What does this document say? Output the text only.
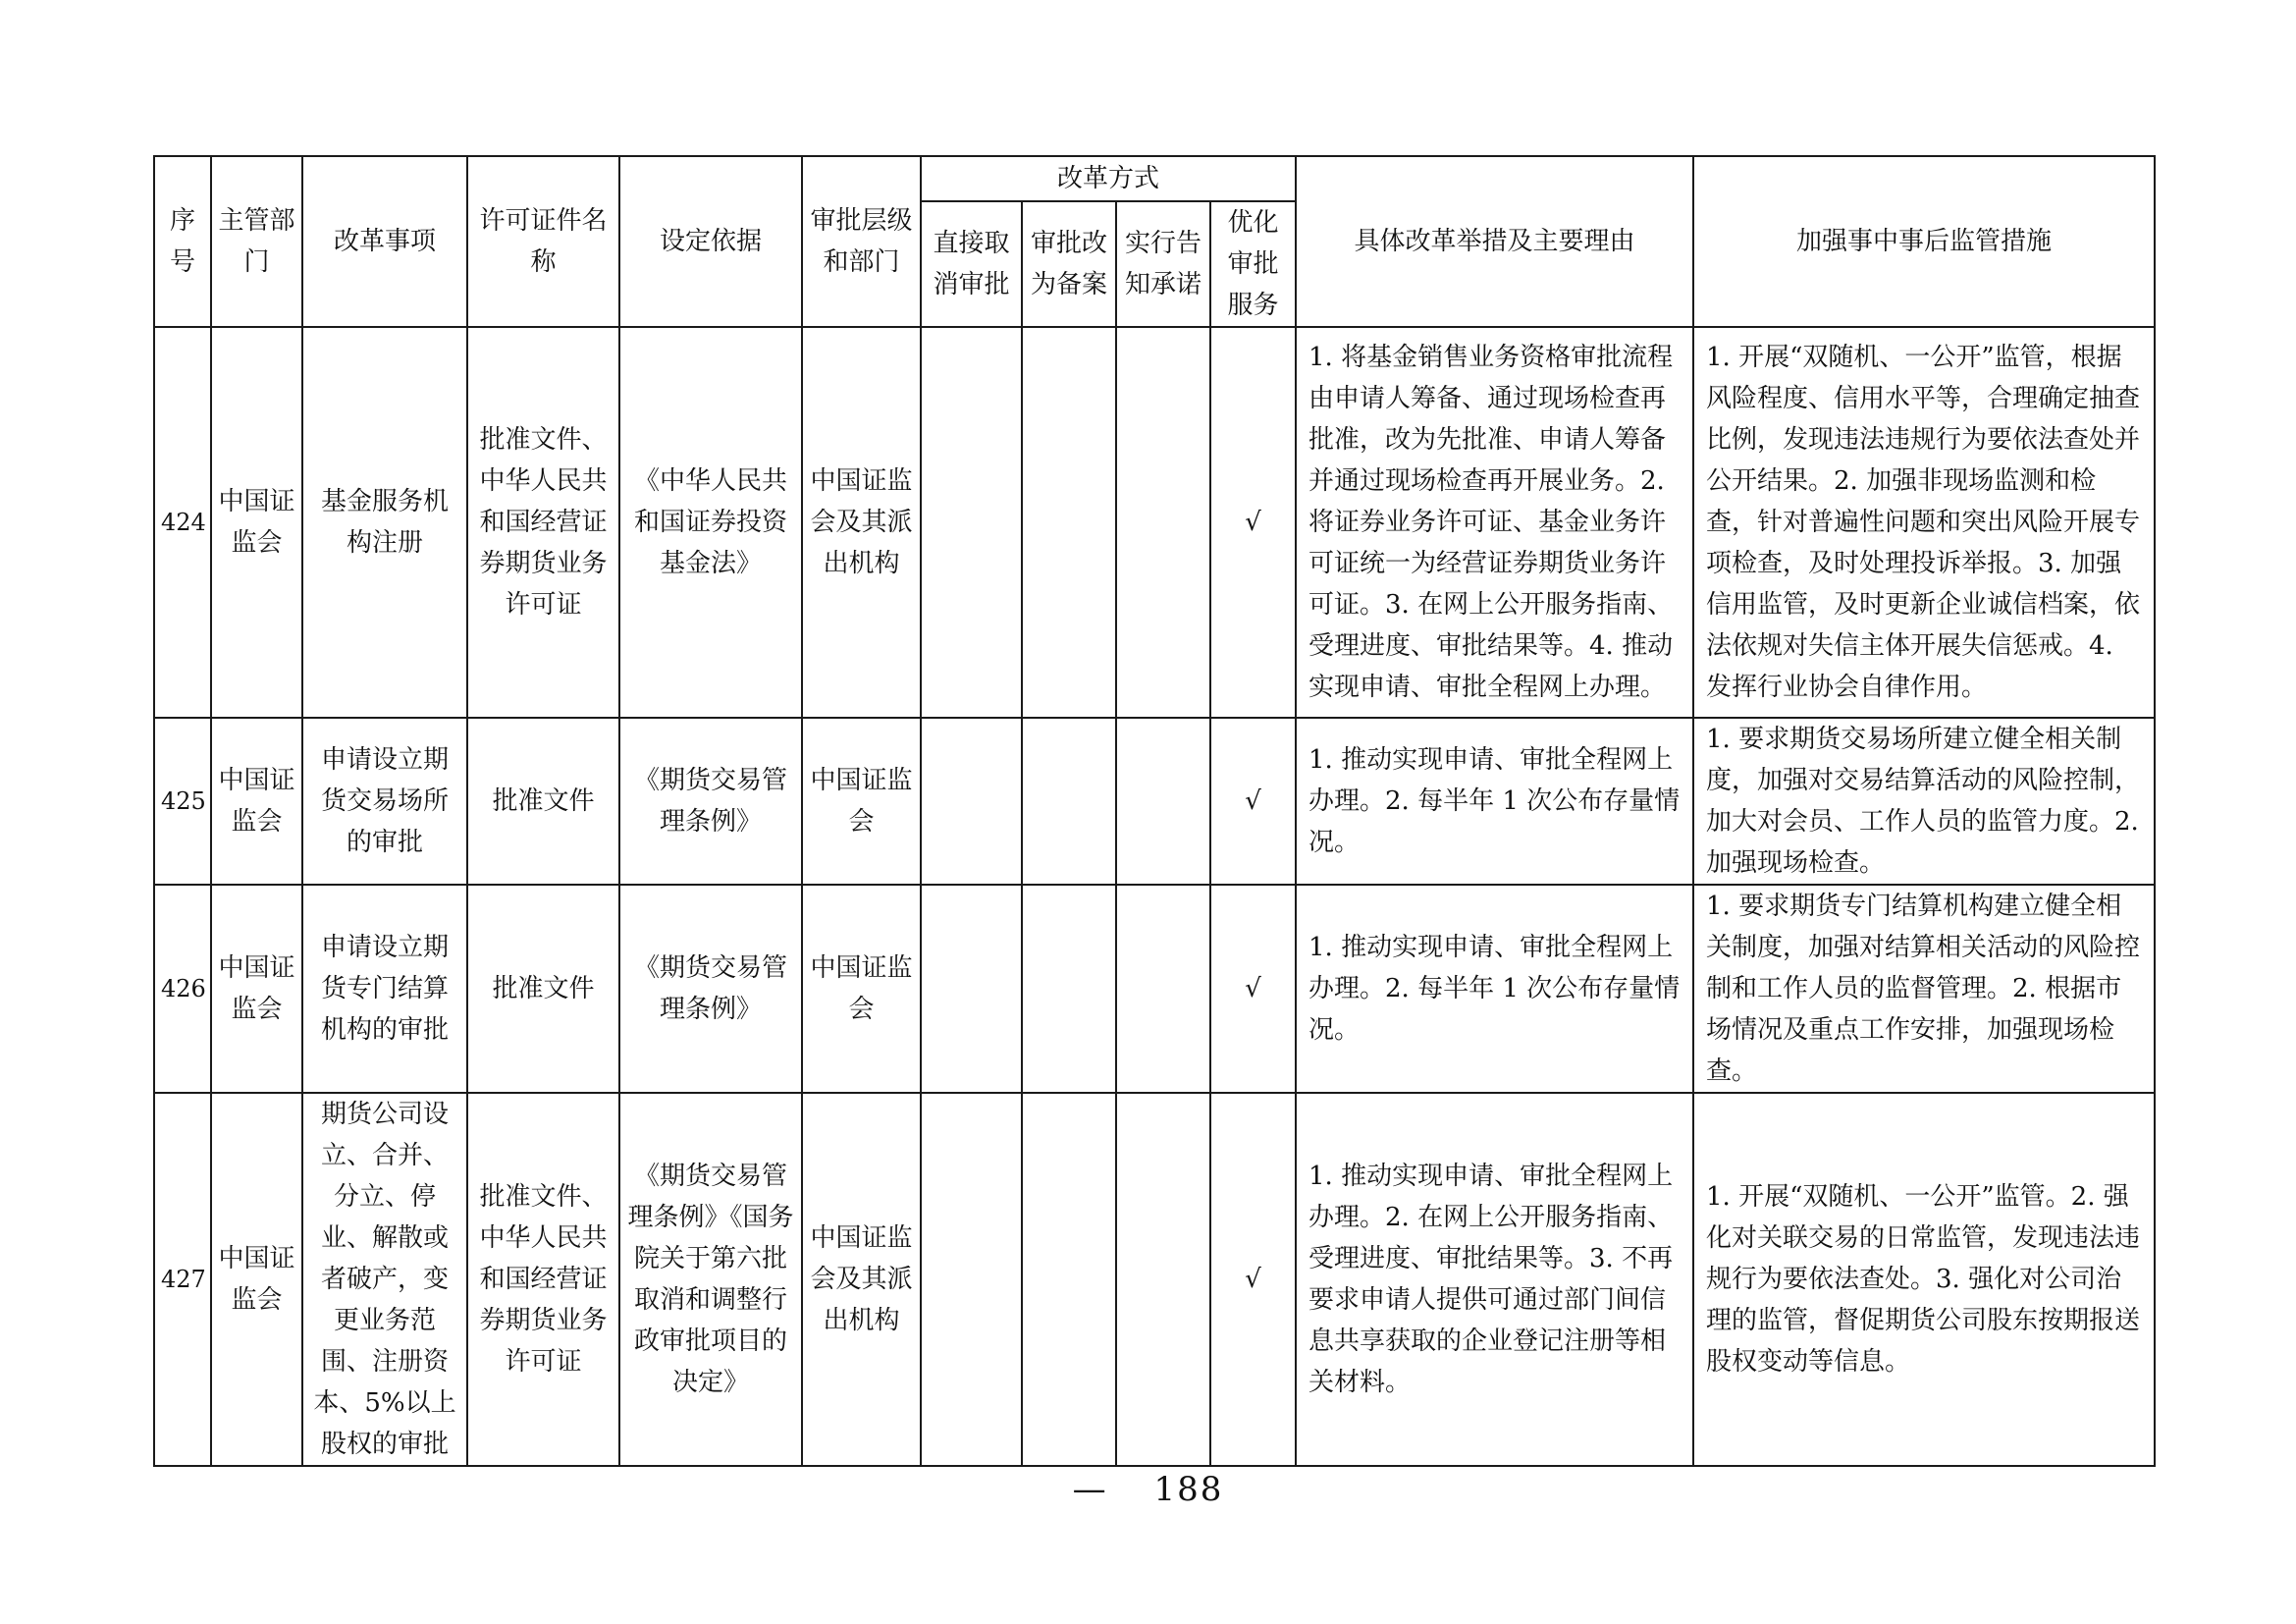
序号	主管部门	改革事项	许可证件名称	设定依据	审批层级和部门	改革方式				具体改革举措及主要理由	加强事中事后监管措施
						直接取消审批	审批改为备案	实行告知承诺	优化审批服务		
424	中国证监会	基金服务机构注册	批准文件、中华人民共和国经营证券期货业务许可证	《中华人民共和国证券投资基金法》	中国证监会及其派出机构				√	1. 将基金销售业务资格审批流程由申请人筹备、通过现场检查再批准，改为先批准、申请人筹备并通过现场检查再开展业务。2. 将证券业务许可证、基金业务许可证统一为经营证券期货业务许可证。3. 在网上公开服务指南、受理进度、审批结果等。4. 推动实现申请、审批全程网上办理。	1. 开展“双随机、一公开”监管，根据风险程度、信用水平等，合理确定抽查比例，发现违法违规行为要依法查处并公开结果。2. 加强非现场监测和检查，针对普遍性问题和突出风险开展专项检查，及时处理投诉举报。3. 加强信用监管，及时更新企业诚信档案，依法依规对失信主体开展失信惩戒。4. 发挥行业协会自律作用。
425	中国证监会	申请设立期货交易场所的审批	批准文件	《期货交易管理条例》	中国证监会				√	1. 推动实现申请、审批全程网上办理。2. 每半年 1 次公布存量情况。	1. 要求期货交易场所建立健全相关制度，加强对交易结算活动的风险控制，加大对会员、工作人员的监管力度。2. 加强现场检查。
426	中国证监会	申请设立期货专门结算机构的审批	批准文件	《期货交易管理条例》	中国证监会				√	1. 推动实现申请、审批全程网上办理。2. 每半年 1 次公布存量情况。	1. 要求期货专门结算机构建立健全相关制度，加强对结算相关活动的风险控制和工作人员的监督管理。2. 根据市场情况及重点工作安排，加强现场检查。
427	中国证监会	期货公司设立、合并、分立、停业、解散或者破产，变更业务范围、注册资本、5%以上股权的审批	批准文件、中华人民共和国经营证券期货业务许可证	《期货交易管理条例》《国务院关于第六批取消和调整行政审批项目的决定》	中国证监会及其派出机构				√	1. 推动实现申请、审批全程网上办理。2. 在网上公开服务指南、受理进度、审批结果等。3. 不再要求申请人提供可通过部门间信息共享获取的企业登记注册等相关材料。	1. 开展“双随机、一公开”监管。2. 强化对关联交易的日常监管，发现违法违规行为要依法查处。3. 强化对公司治理的监管，督促期货公司股东按期报送股权变动等信息。
— 188
